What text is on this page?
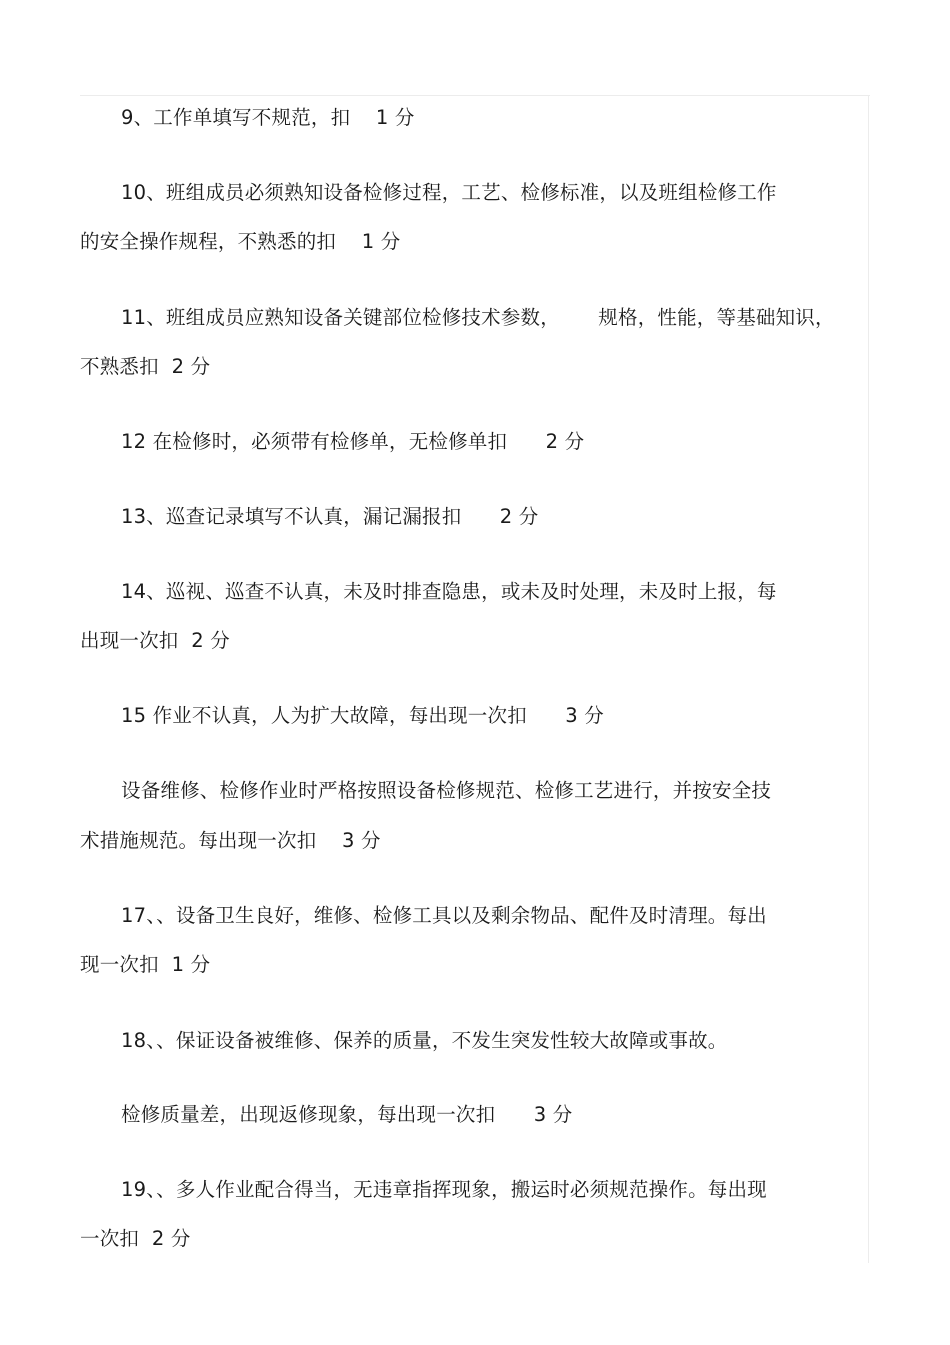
9、工作单填写不规范，扣    1 分
10、班组成员必须熟知设备检修过程，工艺、检修标准，以及班组检修工作
的安全操作规程，不熟悉的扣    1 分
11、班组成员应熟知设备关键部位检修技术参数，      规格，性能，等基础知识，
不熟悉扣  2 分
12 在检修时，必须带有检修单，无检修单扣      2 分
13、巡查记录填写不认真，漏记漏报扣      2 分
14、巡视、巡查不认真，未及时排查隐患，或未及时处理，未及时上报，每
出现一次扣  2 分
15 作业不认真，人为扩大故障，每出现一次扣      3 分
设备维修、检修作业时严格按照设备检修规范、检修工艺进行，并按安全技
术措施规范。每出现一次扣    3 分
17、、设备卫生良好，维修、检修工具以及剩余物品、配件及时清理。每出
现一次扣  1 分
18、、保证设备被维修、保养的质量，不发生突发性较大故障或事故。
检修质量差，出现返修现象，每出现一次扣      3 分
19、、多人作业配合得当，无违章指挥现象，搬运时必须规范操作。每出现
一次扣  2 分
